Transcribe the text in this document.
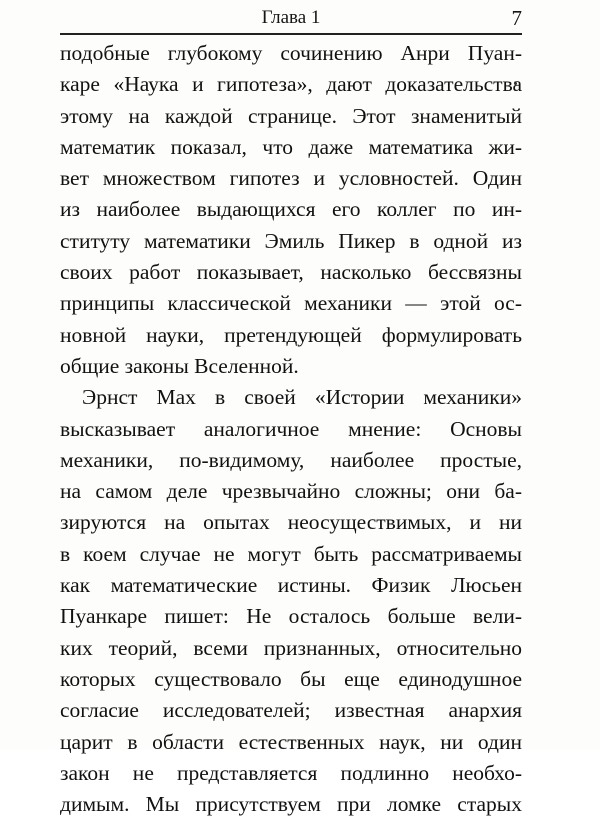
Глава 1	7
подобные глубокому сочинению Анри Пуан-
каре «Наука и гипотеза», дают доказательства
этому на каждой странице. Этот знаменитый
математик показал, что даже математика жи-
вет множеством гипотез и условностей. Один
из наиболее выдающихся его коллег по ин-
ституту математики Эмиль Пикер в одной из
своих работ показывает, насколько бессвязны
принципы классической механики — этой ос-
новной науки, претендующей формулировать
общие законы Вселенной.
Эрнст Мах в своей «Истории механики»
высказывает аналогичное мнение: Основы
механики, по-видимому, наиболее простые,
на самом деле чрезвычайно сложны; они ба-
зируются на опытах неосуществимых, и ни
в коем случае не могут быть рассматриваемы
как математические истины. Физик Люсьен
Пуанкаре пишет: Не осталось больше вели-
ких теорий, всеми признанных, относительно
которых существовало бы еще единодушное
согласие исследователей; известная анархия
царит в области естественных наук, ни один
закон не представляется подлинно необхо-
димым. Мы присутствуем при ломке старых
